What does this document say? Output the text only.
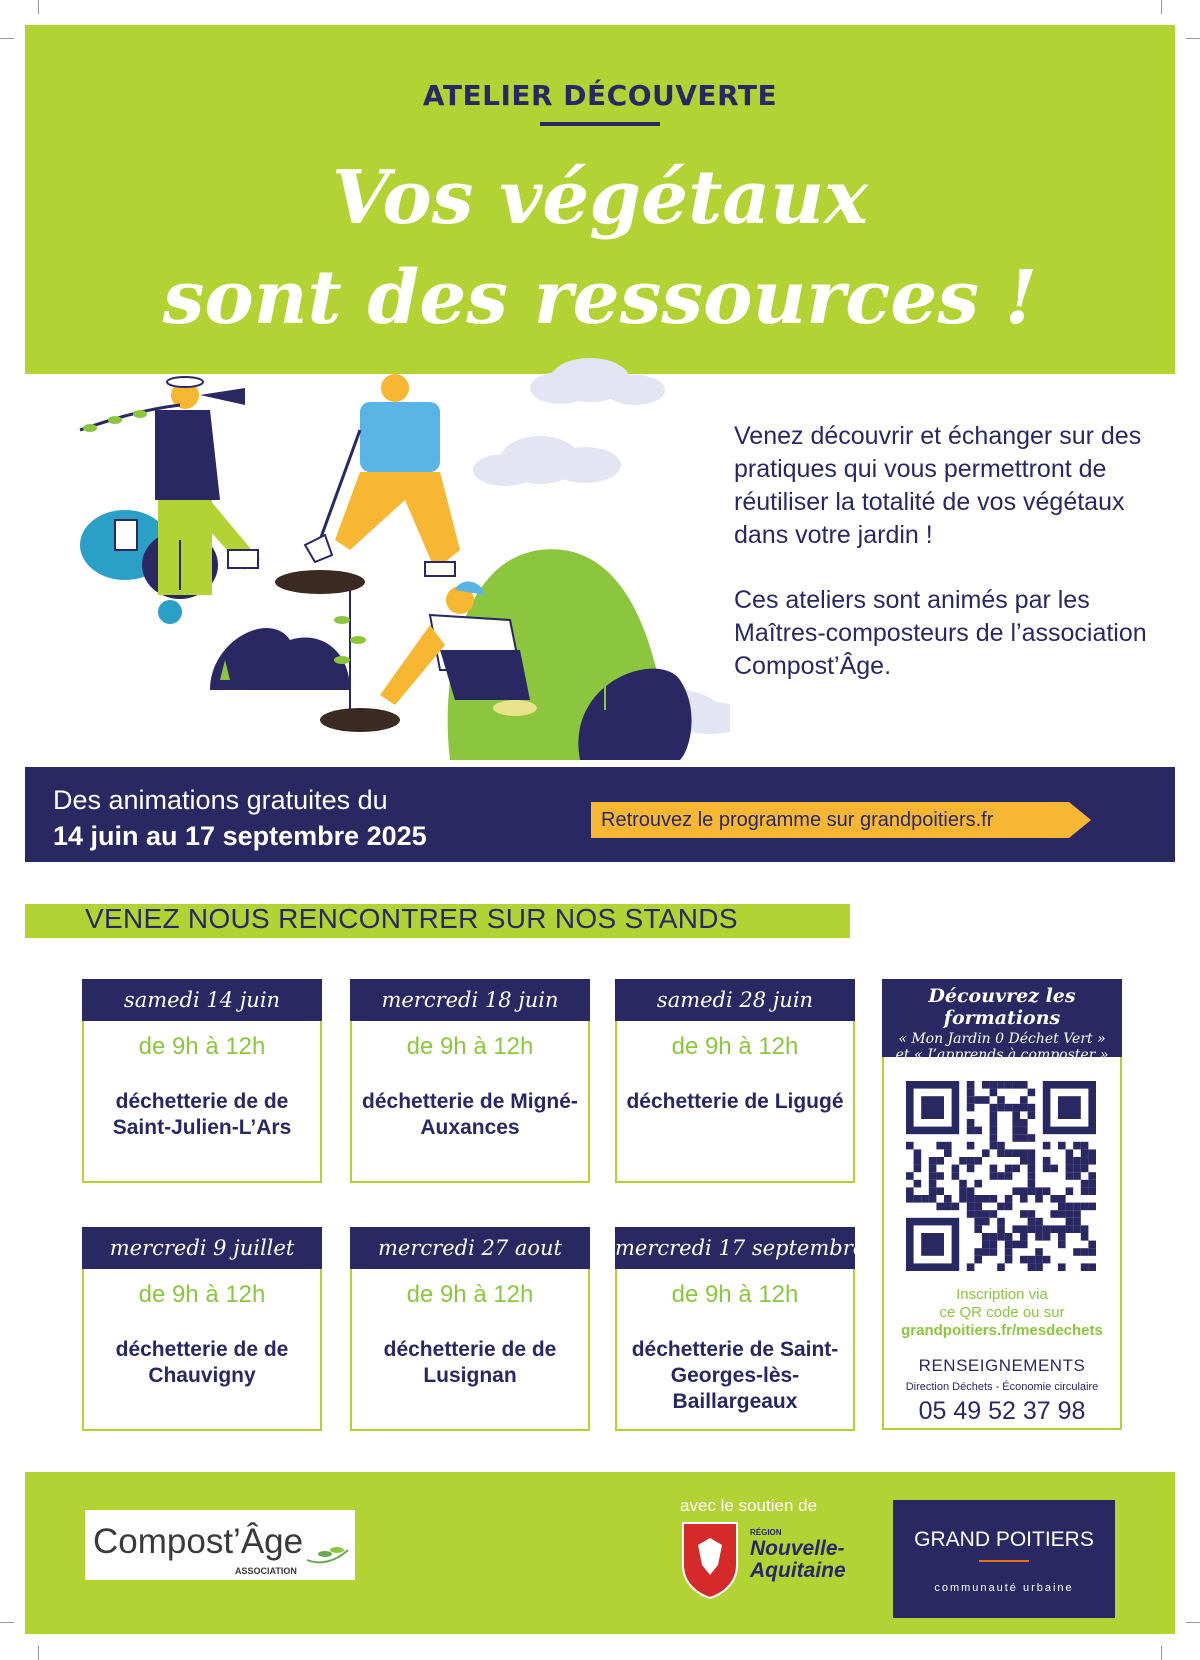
ATELIER DÉCOUVERTE
Vos végétaux
sont des ressources !

Venez découvrir et échanger sur des pratiques qui vous permettront de réutiliser la totalité de vos végétaux dans votre jardin !

Ces ateliers sont animés par les Maîtres-composteurs de l’association Compost’Âge.

Des animations gratuites du
14 juin au 17 septembre 2025
Retrouvez le programme sur grandpoitiers.fr
VENEZ NOUS RENCONTRER SUR NOS STANDS
samedi 14 juin
de 9h à 12h
déchetterie de de Saint-Julien-L’Ars
mercredi 18 juin
de 9h à 12h
déchetterie de Migné-Auxances
samedi 28 juin
de 9h à 12h
déchetterie de Ligugé
mercredi 9 juillet
de 9h à 12h
déchetterie de de Chauvigny
mercredi 27 aout
de 9h à 12h
déchetterie de de Lusignan
mercredi 17 septembre
de 9h à 12h
déchetterie de Saint-Georges-lès-Baillargeaux
Découvrez les formations
« Mon Jardin 0 Déchet Vert »
et « J’apprends à composter »
Inscription via
ce QR code ou sur
grandpoitiers.fr/mesdechets
RENSEIGNEMENTS
Direction Déchets - Économie circulaire
05 49 52 37 98
Compost’Âge
ASSOCIATION
avec le soutien de
RÉGION
Nouvelle-Aquitaine
GRAND POITIERS
communauté urbaine
